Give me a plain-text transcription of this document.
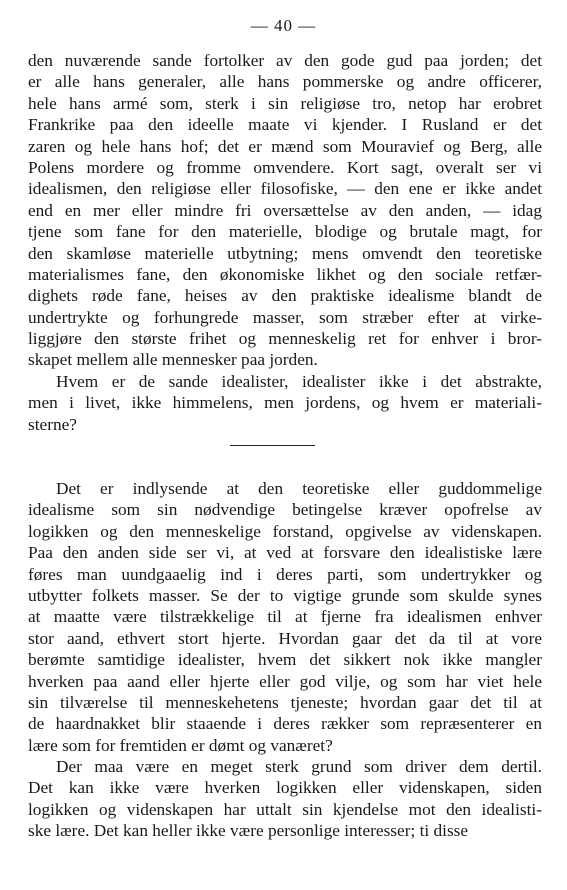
— 40 —
den nuværende sande fortolker av den gode gud paa jorden; det
er alle hans generaler, alle hans pommerske og andre officerer,
hele hans armé som, sterk i sin religiøse tro, netop har erobret
Frankrike paa den ideelle maate vi kjender. I Rusland er det
zaren og hele hans hof; det er mænd som Mouravief og Berg, alle
Polens mordere og fromme omvendere. Kort sagt, overalt ser vi
idealismen, den religiøse eller filosofiske, — den ene er ikke andet
end en mer eller mindre fri oversættelse av den anden, — idag
tjene som fane for den materielle, blodige og brutale magt, for
den skamløse materielle utbytning; mens omvendt den teoretiske
materialismes fane, den økonomiske likhet og den sociale retfær-
dighets røde fane, heises av den praktiske idealisme blandt de
undertrykte og forhungrede masser, som stræber efter at virke-
liggjøre den største frihet og menneskelig ret for enhver i bror-
skapet mellem alle mennesker paa jorden.
Hvem er de sande idealister, idealister ikke i det abstrakte,
men i livet, ikke himmelens, men jordens, og hvem er materiali-
sterne?
Det er indlysende at den teoretiske eller guddommelige
idealisme som sin nødvendige betingelse kræver opofrelse av
logikken og den menneskelige forstand, opgivelse av videnskapen.
Paa den anden side ser vi, at ved at forsvare den idealistiske lære
føres man uundgaaelig ind i deres parti, som undertrykker og
utbytter folkets masser. Se der to vigtige grunde som skulde synes
at maatte være tilstrækkelige til at fjerne fra idealismen enhver
stor aand, ethvert stort hjerte. Hvordan gaar det da til at vore
berømte samtidige idealister, hvem det sikkert nok ikke mangler
hverken paa aand eller hjerte eller god vilje, og som har viet hele
sin tilværelse til menneskehetens tjeneste; hvordan gaar det til at
de haardnakket blir staaende i deres rækker som repræsenterer en
lære som for fremtiden er dømt og vanæret?
Der maa være en meget sterk grund som driver dem dertil.
Det kan ikke være hverken logikken eller videnskapen, siden
logikken og videnskapen har uttalt sin kjendelse mot den idealisti-
ske lære. Det kan heller ikke være personlige interesser; ti disse
